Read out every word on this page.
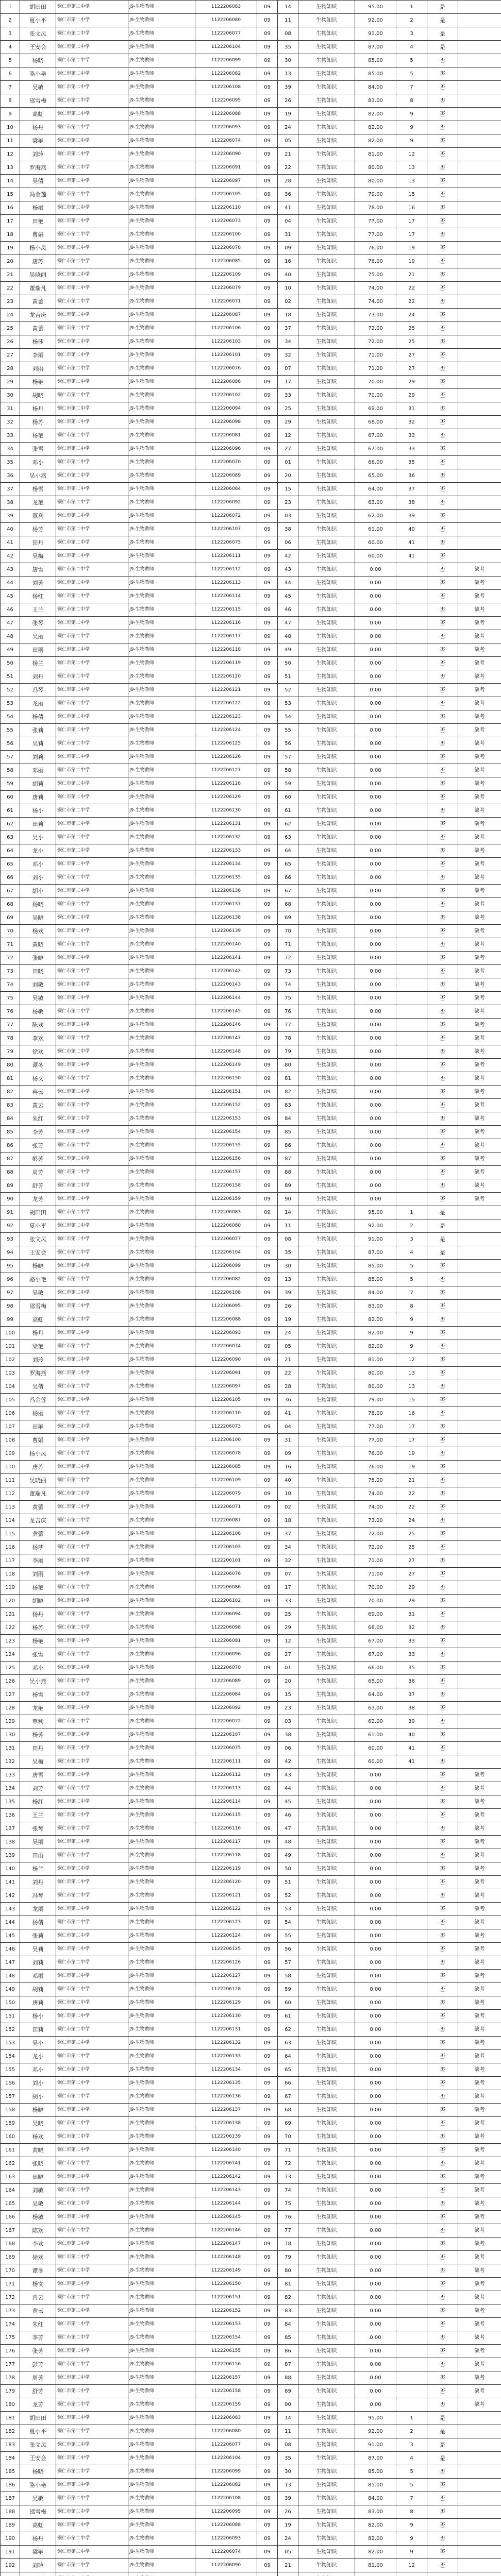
1	胡田田	铜仁市第二中学	J9-生物教师	1122206083	09	14	生物知识	95.00	1	是	
2	夏小平	铜仁市第二中学	J9-生物教师	1122206080	09	11	生物知识	92.00	2	是	
3	张文凤	铜仁市第二中学	J9-生物教师	1122206077	09	08	生物知识	91.00	3	是	
4	王安会	铜仁市第二中学	J9-生物教师	1122206104	09	35	生物知识	87.00	4	是	
5	杨晓	铜仁市第二中学	J9-生物教师	1122206099	09	30	生物知识	85.00	5	否	
6	骆小艳	铜仁市第二中学	J9-生物教师	1122206082	09	13	生物知识	85.00	5	否	
7	吴敏	铜仁市第二中学	J9-生物教师	1122206108	09	39	生物知识	84.00	7	否	
8	邵雪梅	铜仁市第二中学	J9-生物教师	1122206095	09	26	生物知识	83.00	8	否	
9	高虹	铜仁市第二中学	J9-生物教师	1122206088	09	19	生物知识	82.00	9	否	
10	杨丹	铜仁市第二中学	J9-生物教师	1122206093	09	24	生物知识	82.00	9	否	
11	梁艳	铜仁市第二中学	J9-生物教师	1122206074	09	05	生物知识	82.00	9	否	
12	刘玲	铜仁市第二中学	J9-生物教师	1122206090	09	21	生物知识	81.00	12	否	
13	罗海燕	铜仁市第二中学	J9-生物教师	1122206091	09	22	生物知识	80.00	13	否	
14	吴倩	铜仁市第二中学	J9-生物教师	1122206097	09	28	生物知识	80.00	13	否	
15	冯金莲	铜仁市第二中学	J9-生物教师	1122206105	09	36	生物知识	79.00	15	否	
16	杨丽	铜仁市第二中学	J9-生物教师	1122206110	09	41	生物知识	78.00	16	否	
17	田艳	铜仁市第二中学	J9-生物教师	1122206073	09	04	生物知识	77.00	17	否	
18	曹娟	铜仁市第二中学	J9-生物教师	1122206100	09	31	生物知识	77.00	17	否	
19	杨小凤	铜仁市第二中学	J9-生物教师	1122206078	09	09	生物知识	76.00	19	否	
20	唐苏	铜仁市第二中学	J9-生物教师	1122206085	09	16	生物知识	76.00	19	否	
21	吴晓丽	铜仁市第二中学	J9-生物教师	1122206109	09	40	生物知识	75.00	21	否	
22	董瑞凡	铜仁市第二中学	J9-生物教师	1122206079	09	10	生物知识	74.00	22	否	
23	黄蕾	铜仁市第二中学	J9-生物教师	1122206071	09	02	生物知识	74.00	22	否	
24	龙吉庆	铜仁市第二中学	J9-生物教师	1122206087	09	18	生物知识	73.00	24	否	
25	黄蕾	铜仁市第二中学	J9-生物教师	1122206106	09	37	生物知识	72.00	25	否	
26	杨莎	铜仁市第二中学	J9-生物教师	1122206103	09	34	生物知识	72.00	25	否	
27	李丽	铜仁市第二中学	J9-生物教师	1122206101	09	32	生物知识	71.00	27	否	
28	刘雨	铜仁市第二中学	J9-生物教师	1122206076	09	07	生物知识	71.00	27	否	
29	杨艳	铜仁市第二中学	J9-生物教师	1122206086	09	17	生物知识	70.00	29	否	
30	胡晓	铜仁市第二中学	J9-生物教师	1122206102	09	33	生物知识	70.00	29	否	
31	杨丹	铜仁市第二中学	J9-生物教师	1122206094	09	25	生物知识	69.00	31	否	
32	杨苏	铜仁市第二中学	J9-生物教师	1122206098	09	29	生物知识	68.00	32	否	
33	杨艳	铜仁市第二中学	J9-生物教师	1122206081	09	12	生物知识	67.00	33	否	
34	张雪	铜仁市第二中学	J9-生物教师	1122206096	09	27	生物知识	67.00	33	否	
35	邓小	铜仁市第二中学	J9-生物教师	1122206070	09	01	生物知识	66.00	35	否	
36	吴小燕	铜仁市第二中学	J9-生物教师	1122206089	09	20	生物知识	65.00	36	否	
37	杨雪	铜仁市第二中学	J9-生物教师	1122206084	09	15	生物知识	64.00	37	否	
38	龙艳	铜仁市第二中学	J9-生物教师	1122206092	09	23	生物知识	63.00	38	否	
39	覃利	铜仁市第二中学	J9-生物教师	1122206072	09	03	生物知识	62.00	39	否	
40	杨芳	铜仁市第二中学	J9-生物教师	1122206107	09	38	生物知识	61.00	40	否	
41	田丹	铜仁市第二中学	J9-生物教师	1122206075	09	06	生物知识	60.00	41	否	
42	吴梅	铜仁市第二中学	J9-生物教师	1122206111	09	42	生物知识	60.00	41	否	
43	唐雪	铜仁市第二中学	J9-生物教师	1122206112	09	43	生物知识	0.00		否	缺考
44	刘芳	铜仁市第二中学	J9-生物教师	1122206113	09	44	生物知识	0.00		否	缺考
45	杨红	铜仁市第二中学	J9-生物教师	1122206114	09	45	生物知识	0.00		否	缺考
46	王兰	铜仁市第二中学	J9-生物教师	1122206115	09	46	生物知识	0.00		否	缺考
47	张琴	铜仁市第二中学	J9-生物教师	1122206116	09	47	生物知识	0.00		否	缺考
48	吴丽	铜仁市第二中学	J9-生物教师	1122206117	09	48	生物知识	0.00		否	缺考
49	田雨	铜仁市第二中学	J9-生物教师	1122206118	09	49	生物知识	0.00		否	缺考
50	杨兰	铜仁市第二中学	J9-生物教师	1122206119	09	50	生物知识	0.00		否	缺考
51	刘丹	铜仁市第二中学	J9-生物教师	1122206120	09	51	生物知识	0.00		否	缺考
52	冯琴	铜仁市第二中学	J9-生物教师	1122206121	09	52	生物知识	0.00		否	缺考
53	龙丽	铜仁市第二中学	J9-生物教师	1122206122	09	53	生物知识	0.00		否	缺考
54	杨倩	铜仁市第二中学	J9-生物教师	1122206123	09	54	生物知识	0.00		否	缺考
55	张莉	铜仁市第二中学	J9-生物教师	1122206124	09	55	生物知识	0.00		否	缺考
56	吴莉	铜仁市第二中学	J9-生物教师	1122206125	09	56	生物知识	0.00		否	缺考
57	刘莉	铜仁市第二中学	J9-生物教师	1122206126	09	57	生物知识	0.00		否	缺考
58	邓丽	铜仁市第二中学	J9-生物教师	1122206127	09	58	生物知识	0.00		否	缺考
59	胡莉	铜仁市第二中学	J9-生物教师	1122206128	09	59	生物知识	0.00		否	缺考
60	唐莉	铜仁市第二中学	J9-生物教师	1122206129	09	60	生物知识	0.00		否	缺考
61	杨小	铜仁市第二中学	J9-生物教师	1122206130	09	61	生物知识	0.00		否	缺考
62	田莉	铜仁市第二中学	J9-生物教师	1122206131	09	62	生物知识	0.00		否	缺考
63	吴小	铜仁市第二中学	J9-生物教师	1122206132	09	63	生物知识	0.00		否	缺考
64	龙小	铜仁市第二中学	J9-生物教师	1122206133	09	64	生物知识	0.00		否	缺考
65	邓小	铜仁市第二中学	J9-生物教师	1122206134	09	65	生物知识	0.00		否	缺考
66	刘小	铜仁市第二中学	J9-生物教师	1122206135	09	66	生物知识	0.00		否	缺考
67	胡小	铜仁市第二中学	J9-生物教师	1122206136	09	67	生物知识	0.00		否	缺考
68	杨晓	铜仁市第二中学	J9-生物教师	1122206137	09	68	生物知识	0.00		否	缺考
69	吴晓	铜仁市第二中学	J9-生物教师	1122206138	09	69	生物知识	0.00		否	缺考
70	杨欢	铜仁市第二中学	J9-生物教师	1122206139	09	70	生物知识	0.00		否	缺考
71	黄晓	铜仁市第二中学	J9-生物教师	1122206140	09	71	生物知识	0.00		否	缺考
72	张晓	铜仁市第二中学	J9-生物教师	1122206141	09	72	生物知识	0.00		否	缺考
73	田晓	铜仁市第二中学	J9-生物教师	1122206142	09	73	生物知识	0.00		否	缺考
74	刘敏	铜仁市第二中学	J9-生物教师	1122206143	09	74	生物知识	0.00		否	缺考
75	吴敏	铜仁市第二中学	J9-生物教师	1122206144	09	75	生物知识	0.00		否	缺考
76	杨敏	铜仁市第二中学	J9-生物教师	1122206145	09	76	生物知识	0.00		否	缺考
77	陈欢	铜仁市第二中学	J9-生物教师	1122206146	09	77	生物知识	0.00		否	缺考
78	李欢	铜仁市第二中学	J9-生物教师	1122206147	09	78	生物知识	0.00		否	缺考
79	徐欢	铜仁市第二中学	J9-生物教师	1122206148	09	79	生物知识	0.00		否	缺考
80	谭冬	铜仁市第二中学	J9-生物教师	1122206149	09	80	生物知识	0.00		否	缺考
81	杨文	铜仁市第二中学	J9-生物教师	1122206150	09	81	生物知识	0.00		否	缺考
82	冉云	铜仁市第二中学	J9-生物教师	1122206151	09	82	生物知识	0.00		否	缺考
83	黄云	铜仁市第二中学	J9-生物教师	1122206152	09	83	生物知识	0.00		否	缺考
84	朱红	铜仁市第二中学	J9-生物教师	1122206153	09	84	生物知识	0.00		否	缺考
85	李芳	铜仁市第二中学	J9-生物教师	1122206154	09	85	生物知识	0.00		否	缺考
86	张芳	铜仁市第二中学	J9-生物教师	1122206155	09	86	生物知识	0.00		否	缺考
87	彭芳	铜仁市第二中学	J9-生物教师	1122206156	09	87	生物知识	0.00		否	缺考
88	周芳	铜仁市第二中学	J9-生物教师	1122206157	09	88	生物知识	0.00		否	缺考
89	舒芳	铜仁市第二中学	J9-生物教师	1122206158	09	89	生物知识	0.00		否	缺考
90	龙芳	铜仁市第二中学	J9-生物教师	1122206159	09	90	生物知识	0.00		否	缺考
91	胡田田	铜仁市第二中学	J9-生物教师	1122206083	09	14	生物知识	95.00	1	是	
92	夏小平	铜仁市第二中学	J9-生物教师	1122206080	09	11	生物知识	92.00	2	是	
93	张文凤	铜仁市第二中学	J9-生物教师	1122206077	09	08	生物知识	91.00	3	是	
94	王安会	铜仁市第二中学	J9-生物教师	1122206104	09	35	生物知识	87.00	4	是	
95	杨晓	铜仁市第二中学	J9-生物教师	1122206099	09	30	生物知识	85.00	5	否	
96	骆小艳	铜仁市第二中学	J9-生物教师	1122206082	09	13	生物知识	85.00	5	否	
97	吴敏	铜仁市第二中学	J9-生物教师	1122206108	09	39	生物知识	84.00	7	否	
98	邵雪梅	铜仁市第二中学	J9-生物教师	1122206095	09	26	生物知识	83.00	8	否	
99	高虹	铜仁市第二中学	J9-生物教师	1122206088	09	19	生物知识	82.00	9	否	
100	杨丹	铜仁市第二中学	J9-生物教师	1122206093	09	24	生物知识	82.00	9	否	
101	梁艳	铜仁市第二中学	J9-生物教师	1122206074	09	05	生物知识	82.00	9	否	
102	刘玲	铜仁市第二中学	J9-生物教师	1122206090	09	21	生物知识	81.00	12	否	
103	罗海燕	铜仁市第二中学	J9-生物教师	1122206091	09	22	生物知识	80.00	13	否	
104	吴倩	铜仁市第二中学	J9-生物教师	1122206097	09	28	生物知识	80.00	13	否	
105	冯金莲	铜仁市第二中学	J9-生物教师	1122206105	09	36	生物知识	79.00	15	否	
106	杨丽	铜仁市第二中学	J9-生物教师	1122206110	09	41	生物知识	78.00	16	否	
107	田艳	铜仁市第二中学	J9-生物教师	1122206073	09	04	生物知识	77.00	17	否	
108	曹娟	铜仁市第二中学	J9-生物教师	1122206100	09	31	生物知识	77.00	17	否	
109	杨小凤	铜仁市第二中学	J9-生物教师	1122206078	09	09	生物知识	76.00	19	否	
110	唐苏	铜仁市第二中学	J9-生物教师	1122206085	09	16	生物知识	76.00	19	否	
111	吴晓丽	铜仁市第二中学	J9-生物教师	1122206109	09	40	生物知识	75.00	21	否	
112	董瑞凡	铜仁市第二中学	J9-生物教师	1122206079	09	10	生物知识	74.00	22	否	
113	黄蕾	铜仁市第二中学	J9-生物教师	1122206071	09	02	生物知识	74.00	22	否	
114	龙吉庆	铜仁市第二中学	J9-生物教师	1122206087	09	18	生物知识	73.00	24	否	
115	黄蕾	铜仁市第二中学	J9-生物教师	1122206106	09	37	生物知识	72.00	25	否	
116	杨莎	铜仁市第二中学	J9-生物教师	1122206103	09	34	生物知识	72.00	25	否	
117	李丽	铜仁市第二中学	J9-生物教师	1122206101	09	32	生物知识	71.00	27	否	
118	刘雨	铜仁市第二中学	J9-生物教师	1122206076	09	07	生物知识	71.00	27	否	
119	杨艳	铜仁市第二中学	J9-生物教师	1122206086	09	17	生物知识	70.00	29	否	
120	胡晓	铜仁市第二中学	J9-生物教师	1122206102	09	33	生物知识	70.00	29	否	
121	杨丹	铜仁市第二中学	J9-生物教师	1122206094	09	25	生物知识	69.00	31	否	
122	杨苏	铜仁市第二中学	J9-生物教师	1122206098	09	29	生物知识	68.00	32	否	
123	杨艳	铜仁市第二中学	J9-生物教师	1122206081	09	12	生物知识	67.00	33	否	
124	张雪	铜仁市第二中学	J9-生物教师	1122206096	09	27	生物知识	67.00	33	否	
125	邓小	铜仁市第二中学	J9-生物教师	1122206070	09	01	生物知识	66.00	35	否	
126	吴小燕	铜仁市第二中学	J9-生物教师	1122206089	09	20	生物知识	65.00	36	否	
127	杨雪	铜仁市第二中学	J9-生物教师	1122206084	09	15	生物知识	64.00	37	否	
128	龙艳	铜仁市第二中学	J9-生物教师	1122206092	09	23	生物知识	63.00	38	否	
129	覃利	铜仁市第二中学	J9-生物教师	1122206072	09	03	生物知识	62.00	39	否	
130	杨芳	铜仁市第二中学	J9-生物教师	1122206107	09	38	生物知识	61.00	40	否	
131	田丹	铜仁市第二中学	J9-生物教师	1122206075	09	06	生物知识	60.00	41	否	
132	吴梅	铜仁市第二中学	J9-生物教师	1122206111	09	42	生物知识	60.00	41	否	
133	唐雪	铜仁市第二中学	J9-生物教师	1122206112	09	43	生物知识	0.00		否	缺考
134	刘芳	铜仁市第二中学	J9-生物教师	1122206113	09	44	生物知识	0.00		否	缺考
135	杨红	铜仁市第二中学	J9-生物教师	1122206114	09	45	生物知识	0.00		否	缺考
136	王兰	铜仁市第二中学	J9-生物教师	1122206115	09	46	生物知识	0.00		否	缺考
137	张琴	铜仁市第二中学	J9-生物教师	1122206116	09	47	生物知识	0.00		否	缺考
138	吴丽	铜仁市第二中学	J9-生物教师	1122206117	09	48	生物知识	0.00		否	缺考
139	田雨	铜仁市第二中学	J9-生物教师	1122206118	09	49	生物知识	0.00		否	缺考
140	杨兰	铜仁市第二中学	J9-生物教师	1122206119	09	50	生物知识	0.00		否	缺考
141	刘丹	铜仁市第二中学	J9-生物教师	1122206120	09	51	生物知识	0.00		否	缺考
142	冯琴	铜仁市第二中学	J9-生物教师	1122206121	09	52	生物知识	0.00		否	缺考
143	龙丽	铜仁市第二中学	J9-生物教师	1122206122	09	53	生物知识	0.00		否	缺考
144	杨倩	铜仁市第二中学	J9-生物教师	1122206123	09	54	生物知识	0.00		否	缺考
145	张莉	铜仁市第二中学	J9-生物教师	1122206124	09	55	生物知识	0.00		否	缺考
146	吴莉	铜仁市第二中学	J9-生物教师	1122206125	09	56	生物知识	0.00		否	缺考
147	刘莉	铜仁市第二中学	J9-生物教师	1122206126	09	57	生物知识	0.00		否	缺考
148	邓丽	铜仁市第二中学	J9-生物教师	1122206127	09	58	生物知识	0.00		否	缺考
149	胡莉	铜仁市第二中学	J9-生物教师	1122206128	09	59	生物知识	0.00		否	缺考
150	唐莉	铜仁市第二中学	J9-生物教师	1122206129	09	60	生物知识	0.00		否	缺考
151	杨小	铜仁市第二中学	J9-生物教师	1122206130	09	61	生物知识	0.00		否	缺考
152	田莉	铜仁市第二中学	J9-生物教师	1122206131	09	62	生物知识	0.00		否	缺考
153	吴小	铜仁市第二中学	J9-生物教师	1122206132	09	63	生物知识	0.00		否	缺考
154	龙小	铜仁市第二中学	J9-生物教师	1122206133	09	64	生物知识	0.00		否	缺考
155	邓小	铜仁市第二中学	J9-生物教师	1122206134	09	65	生物知识	0.00		否	缺考
156	刘小	铜仁市第二中学	J9-生物教师	1122206135	09	66	生物知识	0.00		否	缺考
157	胡小	铜仁市第二中学	J9-生物教师	1122206136	09	67	生物知识	0.00		否	缺考
158	杨晓	铜仁市第二中学	J9-生物教师	1122206137	09	68	生物知识	0.00		否	缺考
159	吴晓	铜仁市第二中学	J9-生物教师	1122206138	09	69	生物知识	0.00		否	缺考
160	杨欢	铜仁市第二中学	J9-生物教师	1122206139	09	70	生物知识	0.00		否	缺考
161	黄晓	铜仁市第二中学	J9-生物教师	1122206140	09	71	生物知识	0.00		否	缺考
162	张晓	铜仁市第二中学	J9-生物教师	1122206141	09	72	生物知识	0.00		否	缺考
163	田晓	铜仁市第二中学	J9-生物教师	1122206142	09	73	生物知识	0.00		否	缺考
164	刘敏	铜仁市第二中学	J9-生物教师	1122206143	09	74	生物知识	0.00		否	缺考
165	吴敏	铜仁市第二中学	J9-生物教师	1122206144	09	75	生物知识	0.00		否	缺考
166	杨敏	铜仁市第二中学	J9-生物教师	1122206145	09	76	生物知识	0.00		否	缺考
167	陈欢	铜仁市第二中学	J9-生物教师	1122206146	09	77	生物知识	0.00		否	缺考
168	李欢	铜仁市第二中学	J9-生物教师	1122206147	09	78	生物知识	0.00		否	缺考
169	徐欢	铜仁市第二中学	J9-生物教师	1122206148	09	79	生物知识	0.00		否	缺考
170	谭冬	铜仁市第二中学	J9-生物教师	1122206149	09	80	生物知识	0.00		否	缺考
171	杨文	铜仁市第二中学	J9-生物教师	1122206150	09	81	生物知识	0.00		否	缺考
172	冉云	铜仁市第二中学	J9-生物教师	1122206151	09	82	生物知识	0.00		否	缺考
173	黄云	铜仁市第二中学	J9-生物教师	1122206152	09	83	生物知识	0.00		否	缺考
174	朱红	铜仁市第二中学	J9-生物教师	1122206153	09	84	生物知识	0.00		否	缺考
175	李芳	铜仁市第二中学	J9-生物教师	1122206154	09	85	生物知识	0.00		否	缺考
176	张芳	铜仁市第二中学	J9-生物教师	1122206155	09	86	生物知识	0.00		否	缺考
177	彭芳	铜仁市第二中学	J9-生物教师	1122206156	09	87	生物知识	0.00		否	缺考
178	周芳	铜仁市第二中学	J9-生物教师	1122206157	09	88	生物知识	0.00		否	缺考
179	舒芳	铜仁市第二中学	J9-生物教师	1122206158	09	89	生物知识	0.00		否	缺考
180	龙芳	铜仁市第二中学	J9-生物教师	1122206159	09	90	生物知识	0.00		否	缺考
181	胡田田	铜仁市第二中学	J9-生物教师	1122206083	09	14	生物知识	95.00	1	是	
182	夏小平	铜仁市第二中学	J9-生物教师	1122206080	09	11	生物知识	92.00	2	是	
183	张文凤	铜仁市第二中学	J9-生物教师	1122206077	09	08	生物知识	91.00	3	是	
184	王安会	铜仁市第二中学	J9-生物教师	1122206104	09	35	生物知识	87.00	4	是	
185	杨晓	铜仁市第二中学	J9-生物教师	1122206099	09	30	生物知识	85.00	5	否	
186	骆小艳	铜仁市第二中学	J9-生物教师	1122206082	09	13	生物知识	85.00	5	否	
187	吴敏	铜仁市第二中学	J9-生物教师	1122206108	09	39	生物知识	84.00	7	否	
188	邵雪梅	铜仁市第二中学	J9-生物教师	1122206095	09	26	生物知识	83.00	8	否	
189	高虹	铜仁市第二中学	J9-生物教师	1122206088	09	19	生物知识	82.00	9	否	
190	杨丹	铜仁市第二中学	J9-生物教师	1122206093	09	24	生物知识	82.00	9	否	
191	梁艳	铜仁市第二中学	J9-生物教师	1122206074	09	05	生物知识	82.00	9	否	
192	刘玲	铜仁市第二中学	J9-生物教师	1122206090	09	21	生物知识	81.00	12	否	
